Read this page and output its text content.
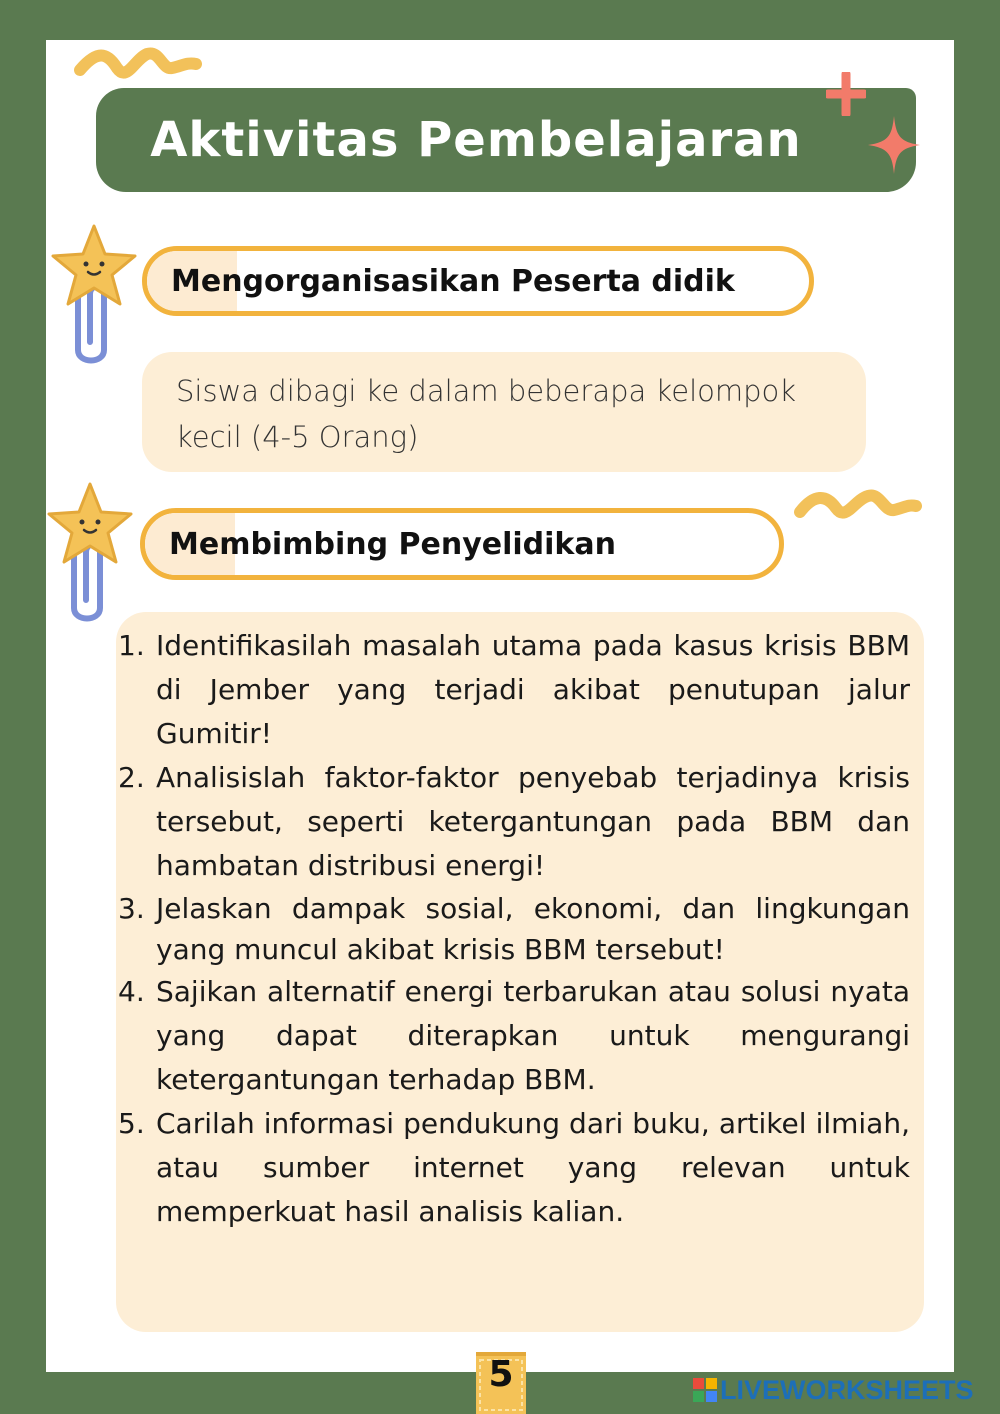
Aktivitas Pembelajaran
Mengorganisasikan Peserta didik
Siswa dibagi ke dalam beberapa kelompok kecil (4-5 Orang)
Membimbing Penyelidikan
1. Identifikasilah masalah utama pada kasus krisis BBM di Jember yang terjadi akibat penutupan jalur Gumitir!
2. Analisislah faktor-faktor penyebab terjadinya krisis tersebut, seperti ketergantungan pada BBM dan hambatan distribusi energi!
3. Jelaskan dampak sosial, ekonomi, dan lingkungan yang muncul akibat krisis BBM tersebut!
4. Sajikan alternatif energi terbarukan atau solusi nyata yang dapat diterapkan untuk mengurangi ketergantungan terhadap BBM.
5. Carilah informasi pendukung dari buku, artikel ilmiah, atau sumber internet yang relevan untuk memperkuat hasil analisis kalian.
5	LIVEWORKSHEETS
